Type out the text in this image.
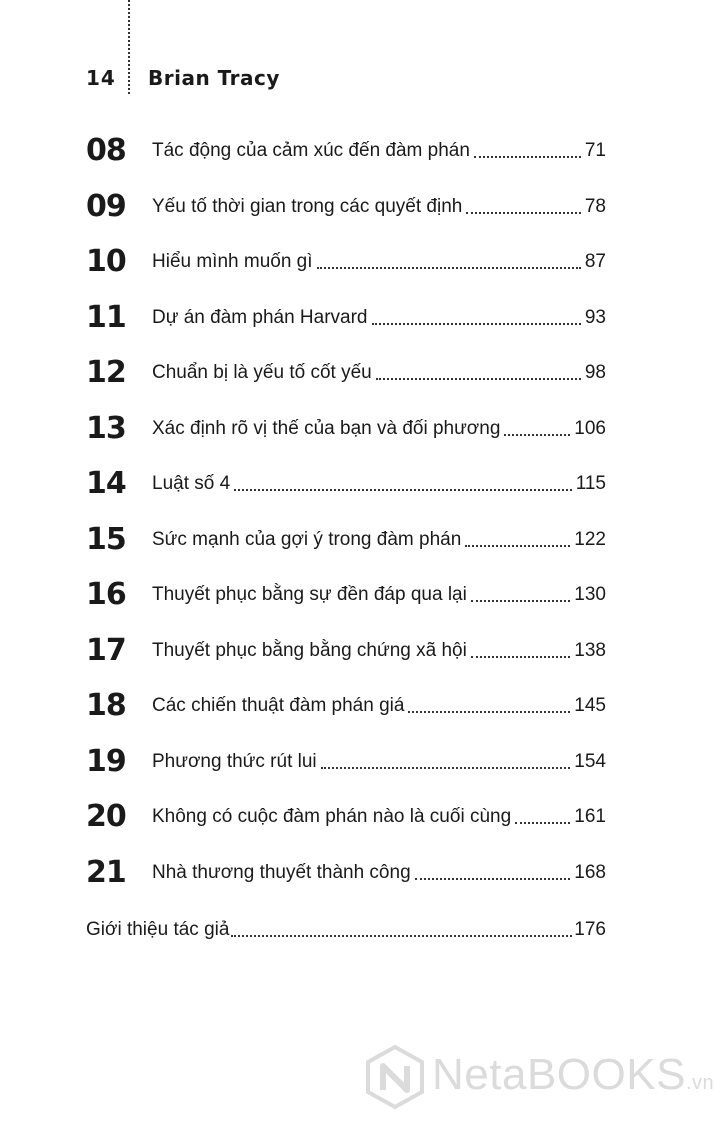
14 Brian Tracy
08 Tác động của cảm xúc đến đàm phán	71
09 Yếu tố thời gian trong các quyết định	78
10 Hiểu mình muốn gì	87
11 Dự án đàm phán Harvard	93
12 Chuẩn bị là yếu tố cốt yếu	98
13 Xác định rõ vị thế của bạn và đối phương	106
14 Luật số 4	115
15 Sức mạnh của gợi ý trong đàm phán	122
16 Thuyết phục bằng sự đền đáp qua lại	130
17 Thuyết phục bằng bằng chứng xã hội	138
18 Các chiến thuật đàm phán giá	145
19 Phương thức rút lui	154
20 Không có cuộc đàm phán nào là cuối cùng	161
21 Nhà thương thuyết thành công	168
Giới thiệu tác giả	176
NetaBOOKS.vn
